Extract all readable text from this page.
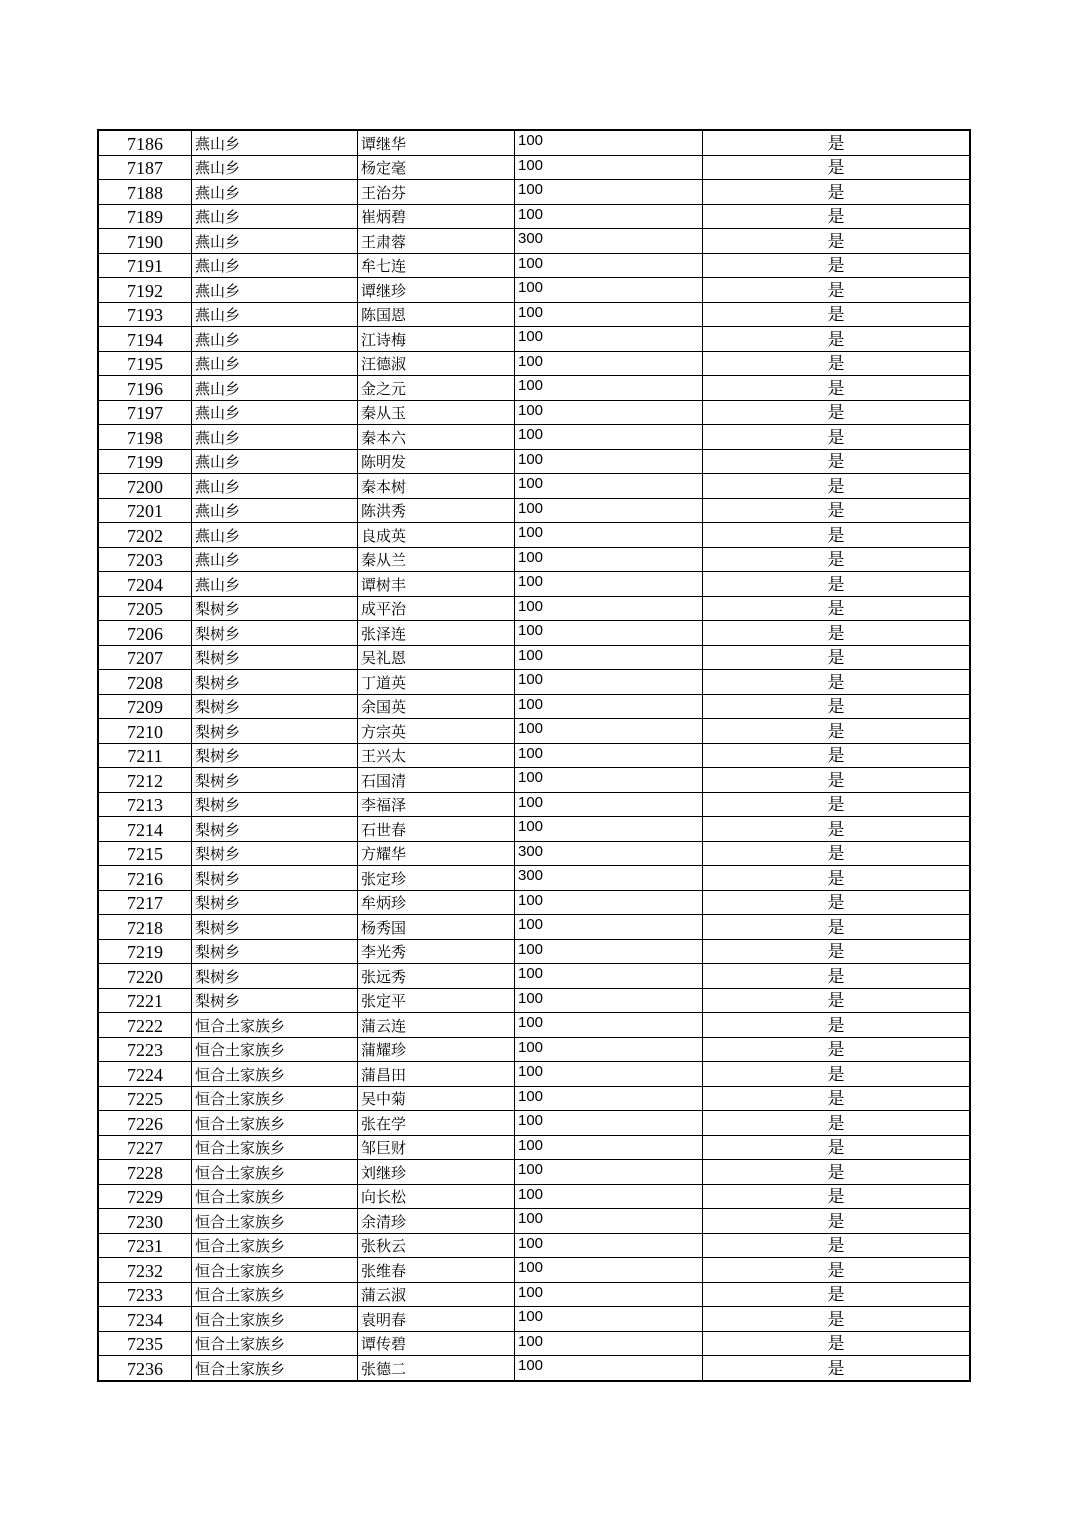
7186	燕山乡	谭继华	100	是
7187	燕山乡	杨定毫	100	是
7188	燕山乡	王治芬	100	是
7189	燕山乡	崔炳碧	100	是
7190	燕山乡	王肃蓉	300	是
7191	燕山乡	牟七连	100	是
7192	燕山乡	谭继珍	100	是
7193	燕山乡	陈国恩	100	是
7194	燕山乡	江诗梅	100	是
7195	燕山乡	汪德淑	100	是
7196	燕山乡	金之元	100	是
7197	燕山乡	秦从玉	100	是
7198	燕山乡	秦本六	100	是
7199	燕山乡	陈明发	100	是
7200	燕山乡	秦本树	100	是
7201	燕山乡	陈洪秀	100	是
7202	燕山乡	良成英	100	是
7203	燕山乡	秦从兰	100	是
7204	燕山乡	谭树丰	100	是
7205	梨树乡	成平治	100	是
7206	梨树乡	张泽连	100	是
7207	梨树乡	吴礼恩	100	是
7208	梨树乡	丁道英	100	是
7209	梨树乡	余国英	100	是
7210	梨树乡	方宗英	100	是
7211	梨树乡	王兴太	100	是
7212	梨树乡	石国清	100	是
7213	梨树乡	李福泽	100	是
7214	梨树乡	石世春	100	是
7215	梨树乡	方耀华	300	是
7216	梨树乡	张定珍	300	是
7217	梨树乡	牟炳珍	100	是
7218	梨树乡	杨秀国	100	是
7219	梨树乡	李光秀	100	是
7220	梨树乡	张远秀	100	是
7221	梨树乡	张定平	100	是
7222	恒合土家族乡	蒲云连	100	是
7223	恒合土家族乡	蒲耀珍	100	是
7224	恒合土家族乡	蒲昌田	100	是
7225	恒合土家族乡	吴中菊	100	是
7226	恒合土家族乡	张在学	100	是
7227	恒合土家族乡	邹巨财	100	是
7228	恒合土家族乡	刘继珍	100	是
7229	恒合土家族乡	向长松	100	是
7230	恒合土家族乡	余清珍	100	是
7231	恒合土家族乡	张秋云	100	是
7232	恒合土家族乡	张维春	100	是
7233	恒合土家族乡	蒲云淑	100	是
7234	恒合土家族乡	袁明春	100	是
7235	恒合土家族乡	谭传碧	100	是
7236	恒合土家族乡	张德二	100	是
